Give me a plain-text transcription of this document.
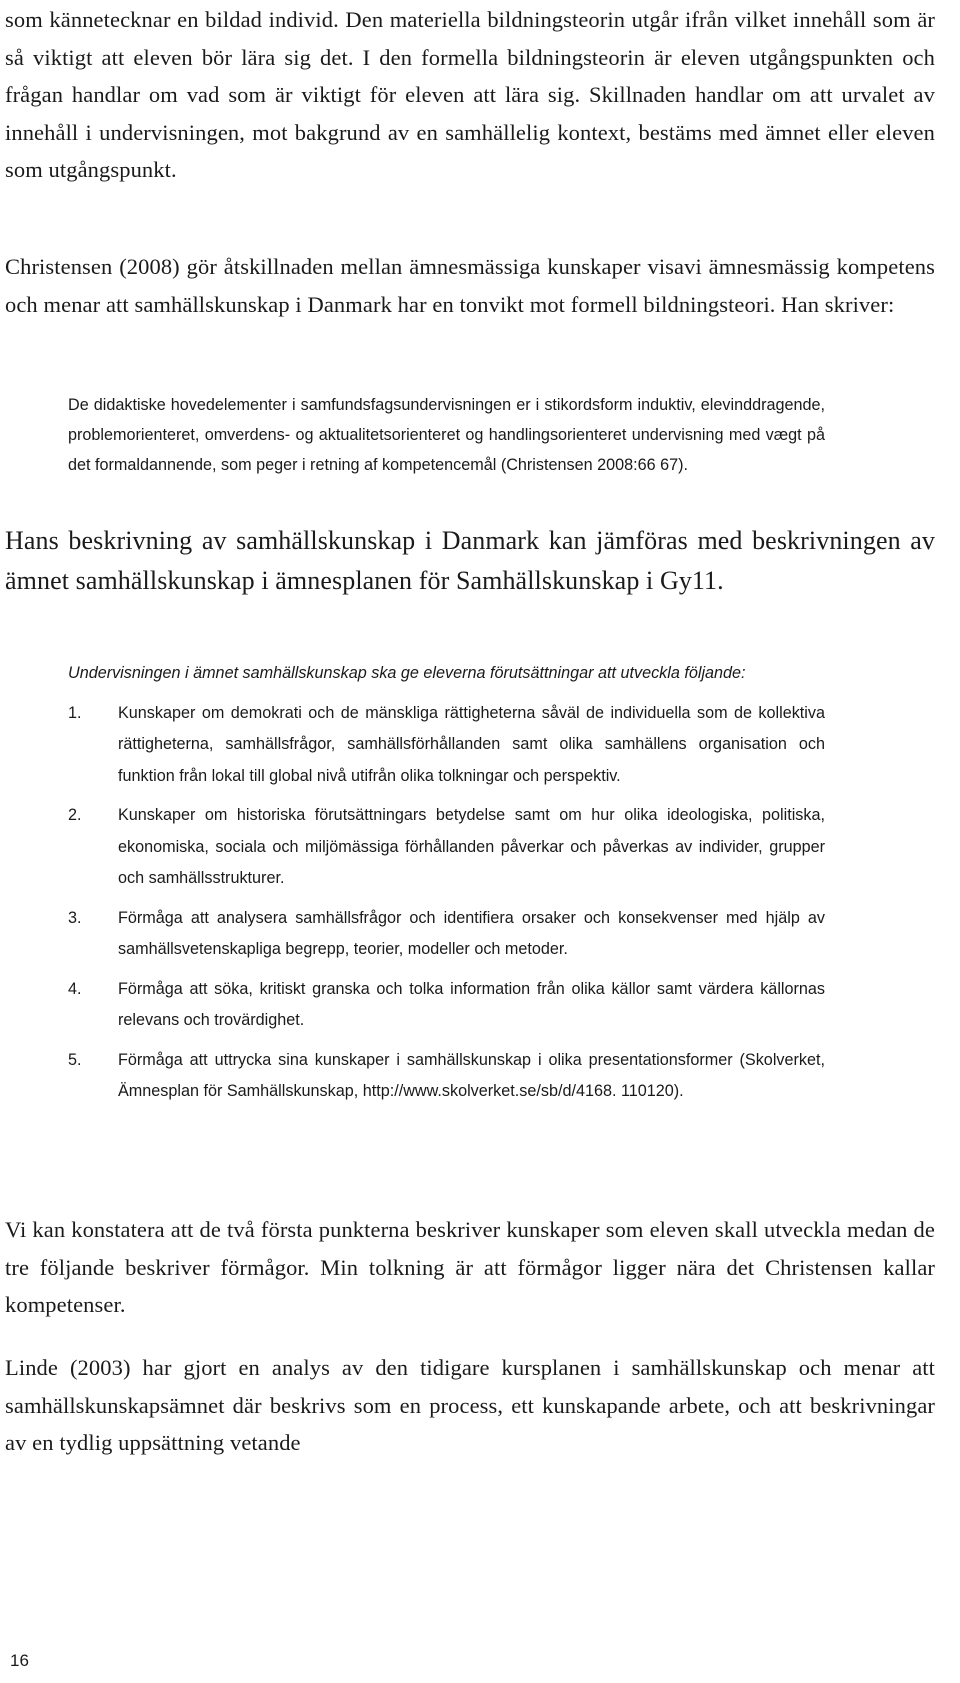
som kännetecknar en bildad individ. Den materiella bildningsteorin utgår ifrån vilket innehåll som är så viktigt att eleven bör lära sig det. I den formella bildningsteorin är eleven utgångspunkten och frågan handlar om vad som är viktigt för eleven att lära sig. Skillnaden handlar om att urvalet av innehåll i undervisningen, mot bakgrund av en samhällelig kontext, bestäms med ämnet eller eleven som utgångspunkt.

Christensen (2008) gör åtskillnaden mellan ämnesmässiga kunskaper visavi ämnesmässig kompetens och menar att samhällskunskap i Danmark har en tonvikt mot formell bildningsteori. Han skriver:

De didaktiske hovedelementer i samfundsfagsundervisningen er i stikordsform induktiv, elevinddragende, problemorienteret, omverdens- og aktualitetsorienteret og handlingsorienteret undervisning med vægt på det formaldannende, som peger i retning af kompetencemål (Christensen 2008:66 67).

Hans beskrivning av samhällskunskap i Danmark kan jämföras med beskrivningen av ämnet samhällskunskap i ämnesplanen för Samhällskunskap i Gy11.

Undervisningen i ämnet samhällskunskap ska ge eleverna förutsättningar att utveckla följande:

1.	Kunskaper om demokrati och de mänskliga rättigheterna såväl de individuella som de kollektiva rättigheterna, samhällsfrågor, samhällsförhållanden samt olika samhällens organisation och funktion från lokal till global nivå utifrån olika tolkningar och perspektiv.
2.	Kunskaper om historiska förutsättningars betydelse samt om hur olika ideologiska, politiska, ekonomiska, sociala och miljömässiga förhållanden påverkar och påverkas av individer, grupper och samhällsstrukturer.
3.	Förmåga att analysera samhällsfrågor och identifiera orsaker och konsekvenser med hjälp av samhällsvetenskapliga begrepp, teorier, modeller och metoder.
4.	Förmåga att söka, kritiskt granska och tolka information från olika källor samt värdera källornas relevans och trovärdighet.
5.	Förmåga att uttrycka sina kunskaper i samhällskunskap i olika presentationsformer (Skolverket, Ämnesplan för Samhällskunskap, http://www.skolverket.se/sb/d/4168. 110120).

Vi kan konstatera att de två första punkterna beskriver kunskaper som eleven skall utveckla medan de tre följande beskriver förmågor. Min tolkning är att förmågor ligger nära det Christensen kallar kompetenser.

Linde (2003) har gjort en analys av den tidigare kursplanen i samhällskunskap och menar att samhällskunskapsämnet där beskrivs som en process, ett kunskapande arbete, och att beskrivningar av en tydlig uppsättning vetande

16
